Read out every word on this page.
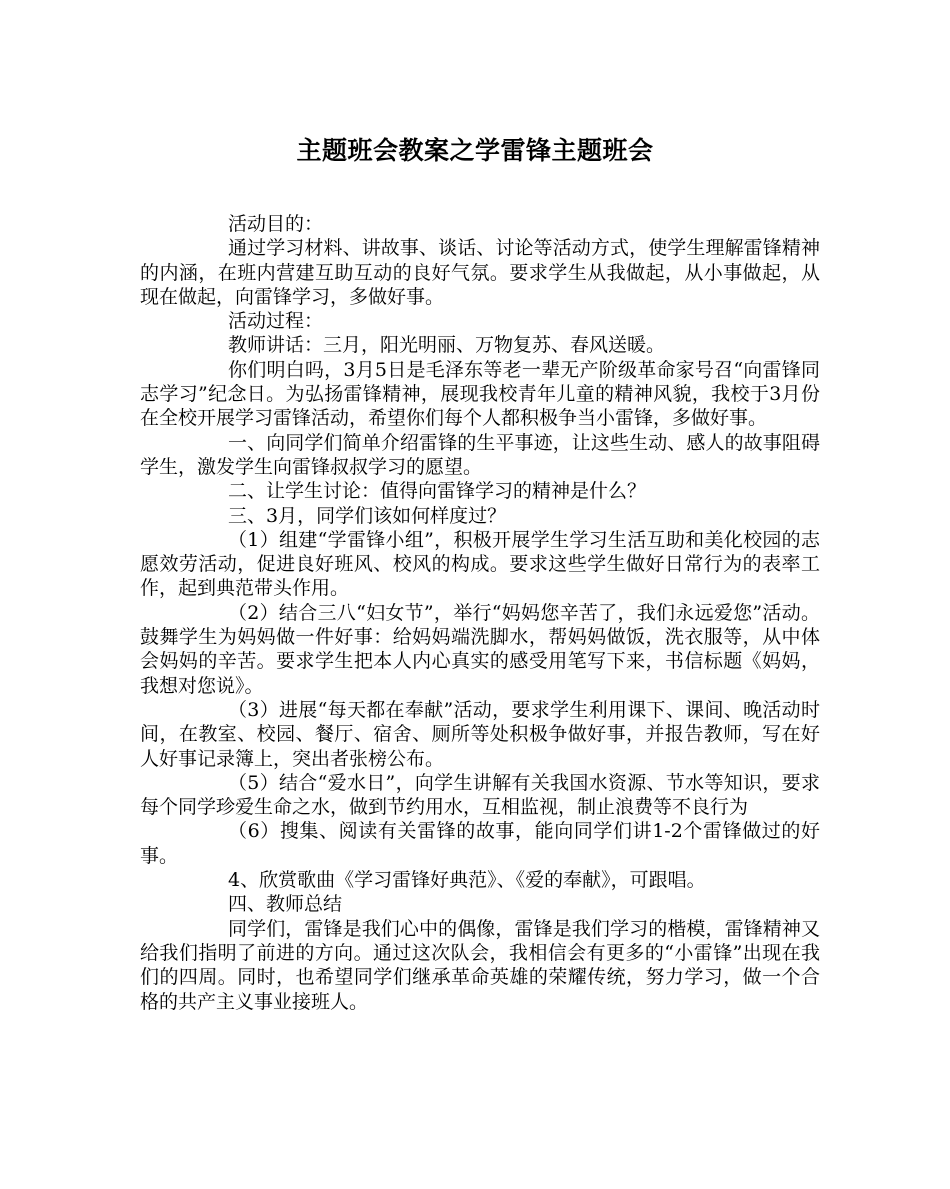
主题班会教案之学雷锋主题班会

活动目的：

通过学习材料、讲故事、谈话、讨论等活动方式，使学生理解雷锋精神的内涵，在班内营建互助互动的良好气氛。要求学生从我做起，从小事做起，从现在做起，向雷锋学习，多做好事。

活动过程：

教师讲话：三月，阳光明丽、万物复苏、春风送暖。

你们明白吗，3月5日是毛泽东等老一辈无产阶级革命家号召“向雷锋同志学习”纪念日。为弘扬雷锋精神，展现我校青年儿童的精神风貌，我校于3月份在全校开展学习雷锋活动，希望你们每个人都积极争当小雷锋，多做好事。

一、向同学们简单介绍雷锋的生平事迹，让这些生动、感人的故事阻碍学生，激发学生向雷锋叔叔学习的愿望。

二、让学生讨论：值得向雷锋学习的精神是什么？

三、3月，同学们该如何样度过？

（1）组建“学雷锋小组”，积极开展学生学习生活互助和美化校园的志愿效劳活动，促进良好班风、校风的构成。要求这些学生做好日常行为的表率工作，起到典范带头作用。

（2）结合三八“妇女节”，举行“妈妈您辛苦了，我们永远爱您”活动。鼓舞学生为妈妈做一件好事：给妈妈端洗脚水，帮妈妈做饭，洗衣服等，从中体会妈妈的辛苦。要求学生把本人内心真实的感受用笔写下来，书信标题《妈妈，我想对您说》。

（3）进展“每天都在奉献”活动，要求学生利用课下、课间、晚活动时间，在教室、校园、餐厅、宿舍、厕所等处积极争做好事，并报告教师，写在好人好事记录簿上，突出者张榜公布。

（5）结合“爱水日”，向学生讲解有关我国水资源、节水等知识，要求每个同学珍爱生命之水，做到节约用水，互相监视，制止浪费等不良行为

（6）搜集、阅读有关雷锋的故事，能向同学们讲1-2个雷锋做过的好事。

4、欣赏歌曲《学习雷锋好典范》、《爱的奉献》，可跟唱。

四、教师总结

同学们，雷锋是我们心中的偶像，雷锋是我们学习的楷模，雷锋精神又给我们指明了前进的方向。通过这次队会，我相信会有更多的“小雷锋”出现在我们的四周。同时，也希望同学们继承革命英雄的荣耀传统，努力学习，做一个合格的共产主义事业接班人。
